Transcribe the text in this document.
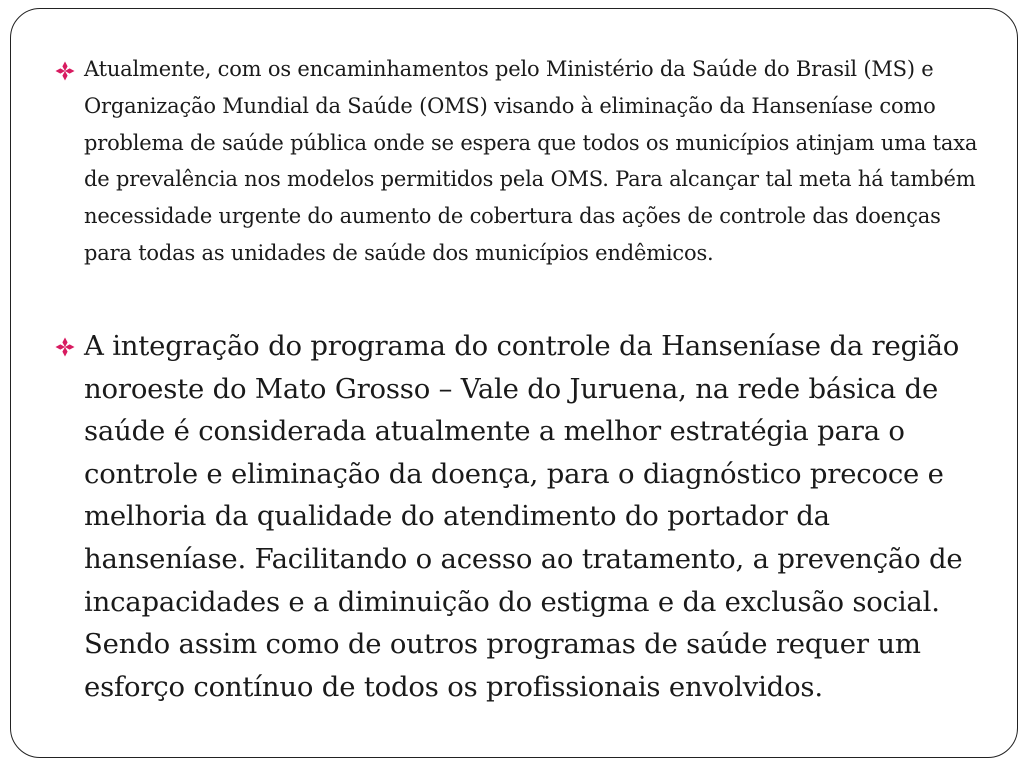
Atualmente, com os encaminhamentos pelo Ministério da Saúde do Brasil (MS) e Organização Mundial da Saúde (OMS) visando à eliminação da Hanseníase como problema de saúde pública onde se espera que todos os municípios atinjam uma taxa de prevalência nos modelos permitidos pela OMS. Para alcançar tal meta há também necessidade urgente do aumento de cobertura das ações de controle das doenças para todas as unidades de saúde dos municípios endêmicos.

A integração do programa do controle da Hanseníase da região noroeste do Mato Grosso – Vale do Juruena, na rede básica de saúde é considerada atualmente a melhor estratégia para o controle e eliminação da doença, para o diagnóstico precoce e melhoria da qualidade do atendimento do portador da hanseníase. Facilitando o acesso ao tratamento, a prevenção de incapacidades e a diminuição do estigma e da exclusão social. Sendo assim como de outros programas de saúde requer um esforço contínuo de todos os profissionais envolvidos.
